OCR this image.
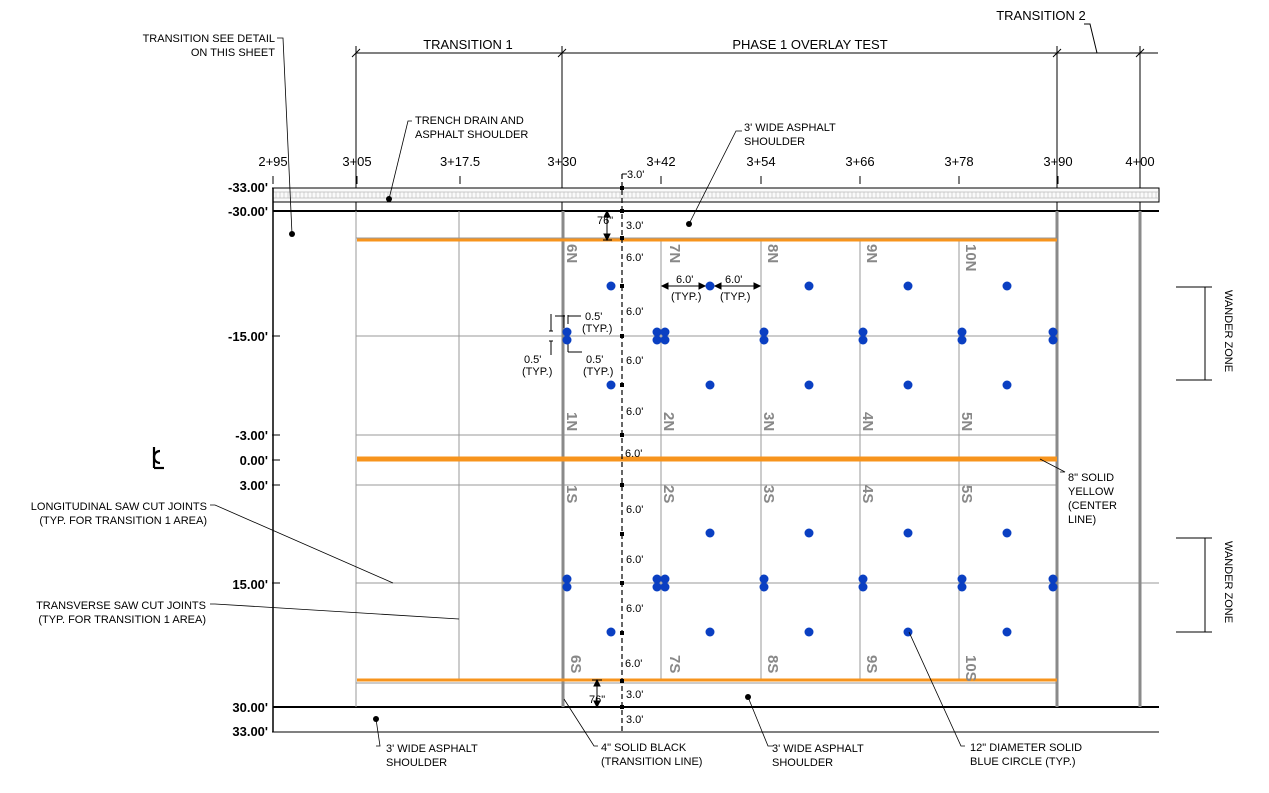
TRANSITION 1	PHASE 1 OVERLAY TEST
TRANSITION 2
2+95	3+05	3+17.5	3+30	3+42	3+54	3+66	3+78	3+90	4+00
-33.00'
-30.00'
-15.00'
-3.00'
0.00'
3.00'
15.00'
30.00'
33.00'
3.0'
3.0'
6.0'
6.0'
6.0'
6.0'
6.0'
6.0'
6.0'
6.0'
6.0'
3.0'
3.0'
76"
76"
6.0'
(TYP.)
6.0'
(TYP.)
0.5'
(TYP.)
0.5'
(TYP.)
0.5'
(TYP.)
6N	7N	8N	9N	10N
1N	2N	3N	4N	5N
1S	2S	3S	4S	5S
6S	7S	8S	9S	10S
WANDER ZONE
WANDER ZONE
TRANSITION SEE DETAIL
ON THIS SHEET
TRENCH DRAIN AND
ASPHALT SHOULDER
3' WIDE ASPHALT
SHOULDER
LONGITUDINAL SAW CUT JOINTS
(TYP. FOR TRANSITION 1 AREA)
TRANSVERSE SAW CUT JOINTS
(TYP. FOR TRANSITION 1 AREA)
8" SOLID
YELLOW
(CENTER
LINE)
3' WIDE ASPHALT
SHOULDER
4" SOLID BLACK
(TRANSITION LINE)
3' WIDE ASPHALT
SHOULDER
12" DIAMETER SOLID
BLUE CIRCLE (TYP.)
